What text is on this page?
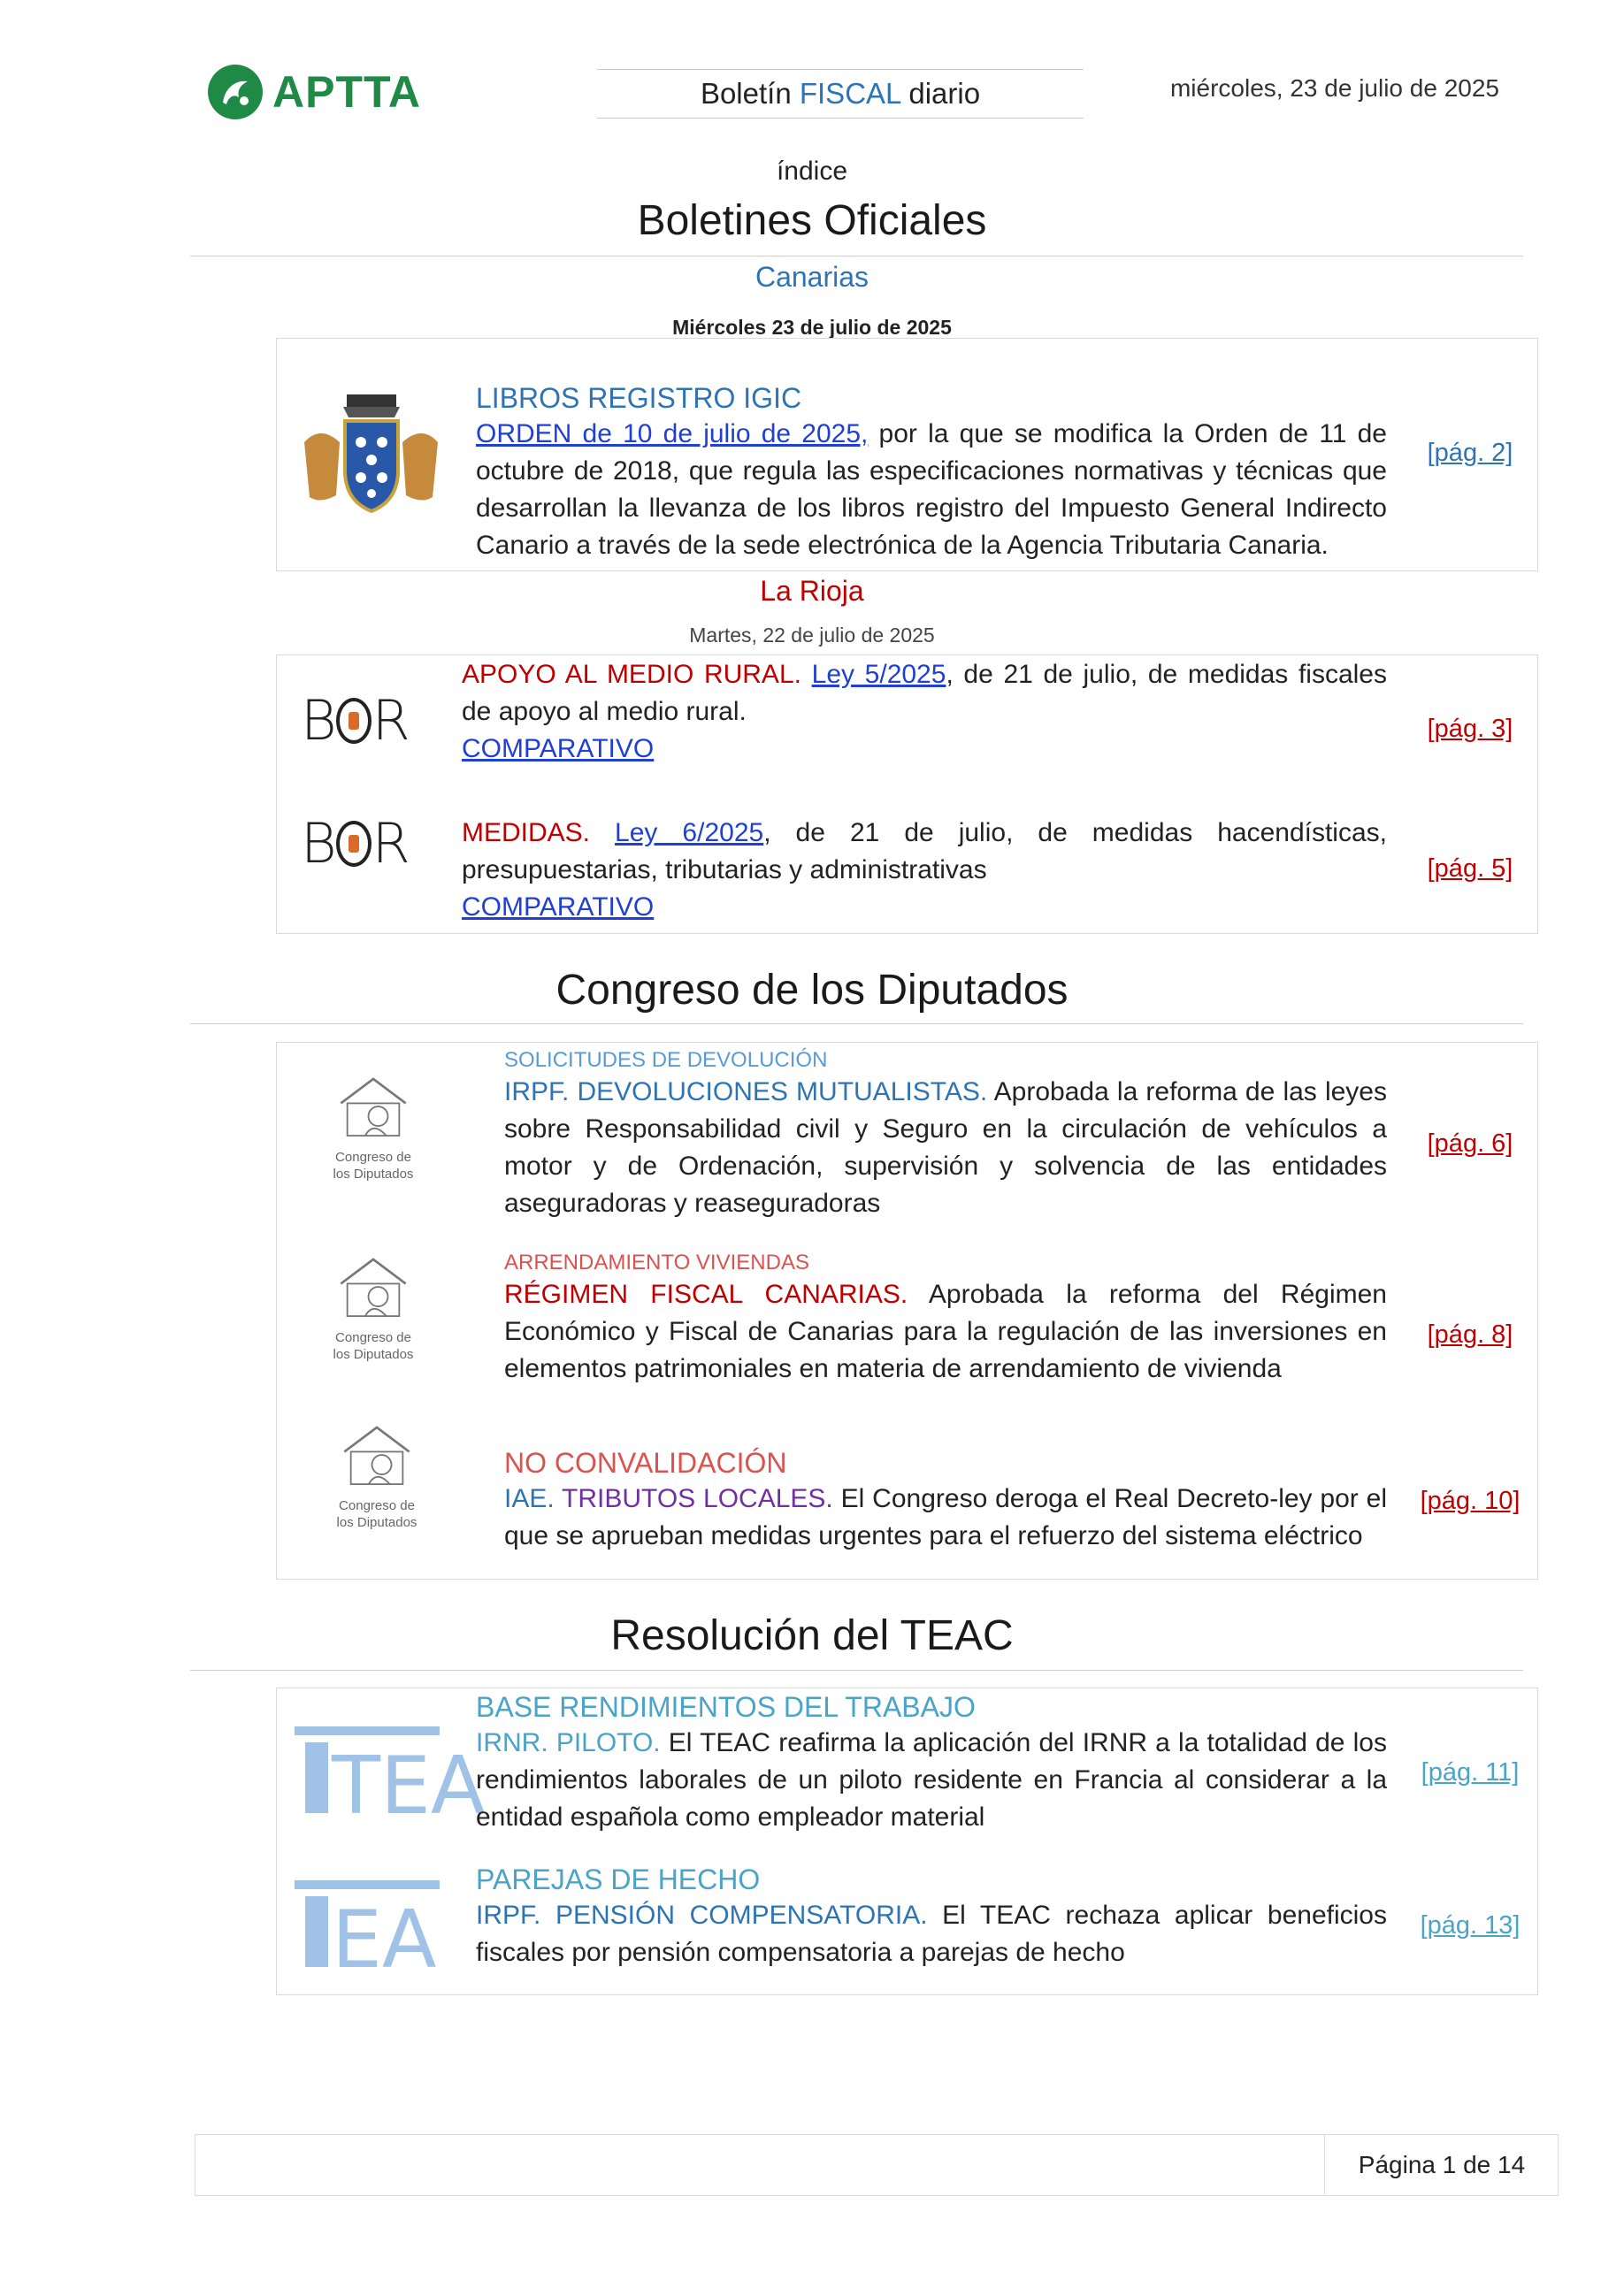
APTTA	Boletín FISCAL diario	miércoles, 23 de julio de 2025
índice
Boletines Oficiales
Canarias
Miércoles 23 de julio de 2025
LIBROS REGISTRO IGIC
ORDEN de 10 de julio de 2025, por la que se modifica la Orden de 11 de octubre de 2018, que regula las especificaciones normativas y técnicas que desarrollan la llevanza de los libros registro del Impuesto General Indirecto Canario a través de la sede electrónica de la Agencia Tributaria Canaria.
[pág. 2]
La Rioja
Martes, 22 de julio de 2025
B R
APOYO AL MEDIO RURAL. Ley 5/2025, de 21 de julio, de medidas fiscales de apoyo al medio rural.
COMPARATIVO
[pág. 3]
B R MEDIDAS. Ley 6/2025, de 21 de julio, de medidas hacendísticas, presupuestarias, tributarias y administrativas
COMPARATIVO
[pág. 5]
Congreso de los Diputados
Congreso de
los Diputados
SOLICITUDES DE DEVOLUCIÓN
IRPF. DEVOLUCIONES MUTUALISTAS. Aprobada la reforma de las leyes sobre Responsabilidad civil y Seguro en la circulación de vehículos a motor y de Ordenación, supervisión y solvencia de las entidades aseguradoras y reaseguradoras
[pág. 6]
Congreso de
los Diputados
ARRENDAMIENTO VIVIENDAS
RÉGIMEN FISCAL CANARIAS. Aprobada la reforma del Régimen Económico y Fiscal de Canarias para la regulación de las inversiones en elementos patrimoniales en materia de arrendamiento de vivienda
[pág. 8]
Congreso de
los Diputados
NO CONVALIDACIÓN
IAE. TRIBUTOS LOCALES. El Congreso deroga el Real Decreto-ley por el que se aprueban medidas urgentes para el refuerzo del sistema eléctrico
[pág. 10]
Resolución del TEAC
TEA
BASE RENDIMIENTOS DEL TRABAJO
IRNR. PILOTO. El TEAC reafirma la aplicación del IRNR a la totalidad de los rendimientos laborales de un piloto residente en Francia al considerar a la entidad española como empleador material
[pág. 11]
EA
PAREJAS DE HECHO
IRPF. PENSIÓN COMPENSATORIA. El TEAC rechaza aplicar beneficios fiscales por pensión compensatoria a parejas de hecho
[pág. 13]
Página 1 de 14
